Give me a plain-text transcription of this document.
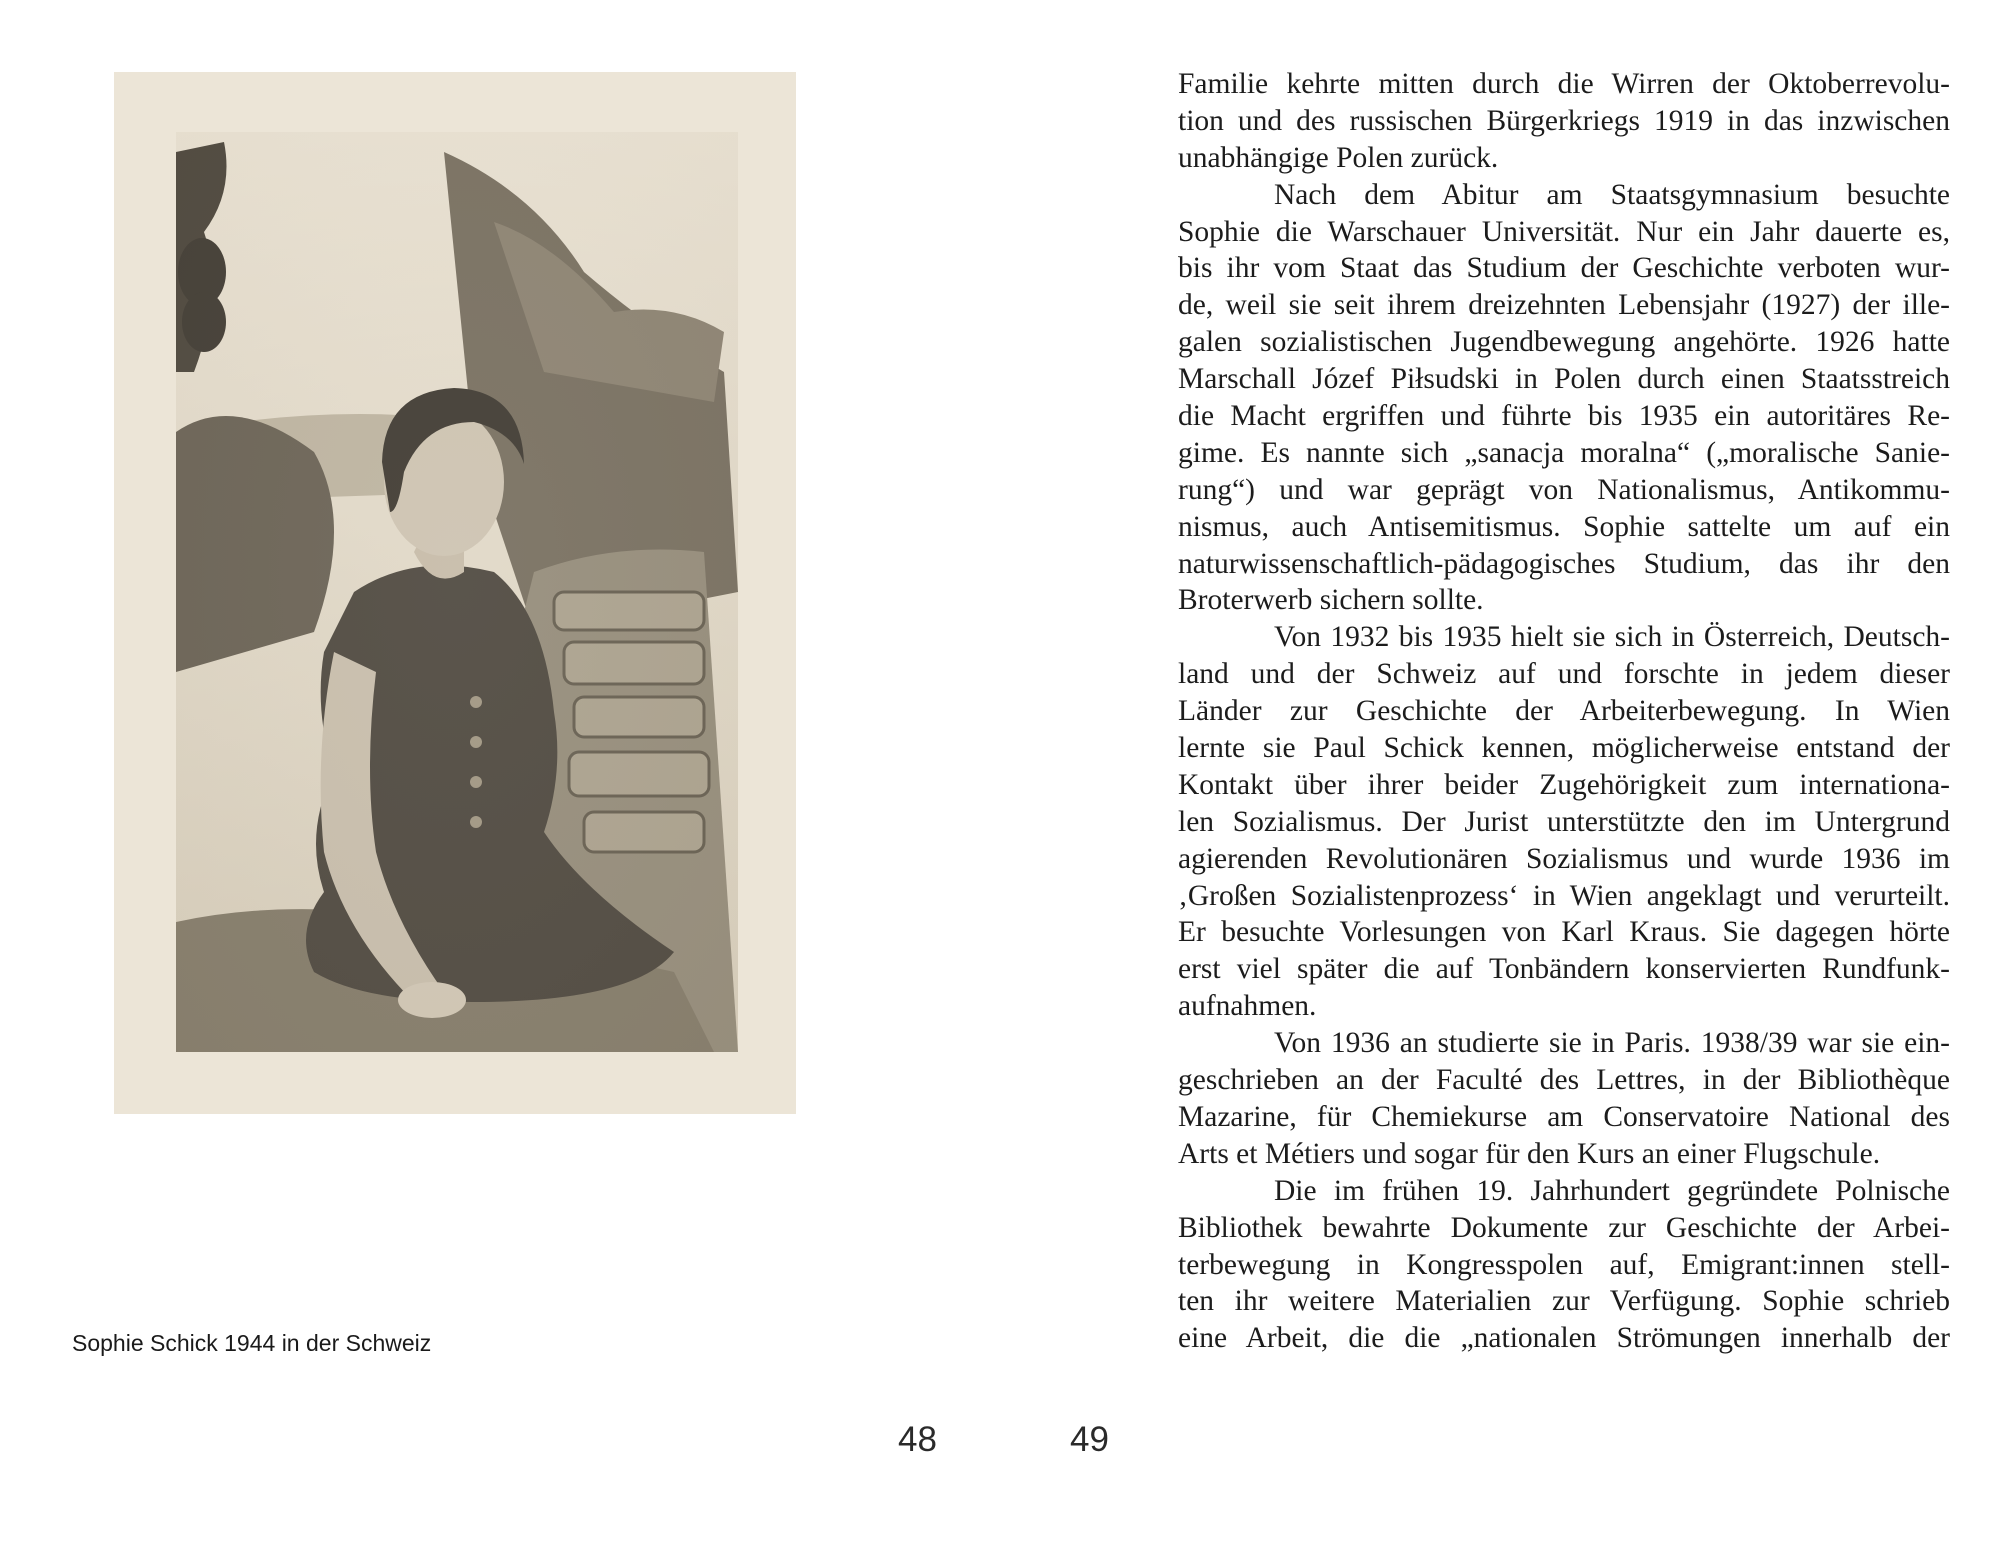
Sophie Schick 1944 in der Schweiz
48	49
Familie kehrte mitten durch die Wirren der Oktoberrevolu-
tion und des russischen Bürgerkriegs 1919 in das inzwischen
unabhängige Polen zurück.
Nach dem Abitur am Staatsgymnasium besuchte
Sophie die Warschauer Universität. Nur ein Jahr dauerte es,
bis ihr vom Staat das Studium der Geschichte verboten wur-
de, weil sie seit ihrem dreizehnten Lebensjahr (1927) der ille-
galen sozialistischen Jugendbewegung angehörte. 1926 hatte
Marschall Józef Piłsudski in Polen durch einen Staatsstreich
die Macht ergriffen und führte bis 1935 ein autoritäres Re-
gime. Es nannte sich „sanacja moralna“ („moralische Sanie-
rung“) und war geprägt von Nationalismus, Antikommu-
nismus, auch Antisemitismus. Sophie sattelte um auf ein
naturwissenschaftlich-pädagogisches Studium, das ihr den
Broterwerb sichern sollte.
Von 1932 bis 1935 hielt sie sich in Österreich, Deutsch-
land und der Schweiz auf und forschte in jedem dieser
Länder zur Geschichte der Arbeiterbewegung. In Wien
lernte sie Paul Schick kennen, möglicherweise entstand der
Kontakt über ihrer beider Zugehörigkeit zum internationa-
len Sozialismus. Der Jurist unterstützte den im Untergrund
agierenden Revolutionären Sozialismus und wurde 1936 im
‚Großen Sozialistenprozess‘ in Wien angeklagt und verurteilt.
Er besuchte Vorlesungen von Karl Kraus. Sie dagegen hörte
erst viel später die auf Tonbändern konservierten Rundfunk-
aufnahmen.
Von 1936 an studierte sie in Paris. 1938/39 war sie ein-
geschrieben an der Faculté des Lettres, in der Bibliothèque
Mazarine, für Chemiekurse am Conservatoire National des
Arts et Métiers und sogar für den Kurs an einer Flugschule.
Die im frühen 19. Jahrhundert gegründete Polnische
Bibliothek bewahrte Dokumente zur Geschichte der Arbei-
terbewegung in Kongresspolen auf, Emigrant:innen stell-
ten ihr weitere Materialien zur Verfügung. Sophie schrieb
eine Arbeit, die die „nationalen Strömungen innerhalb der
